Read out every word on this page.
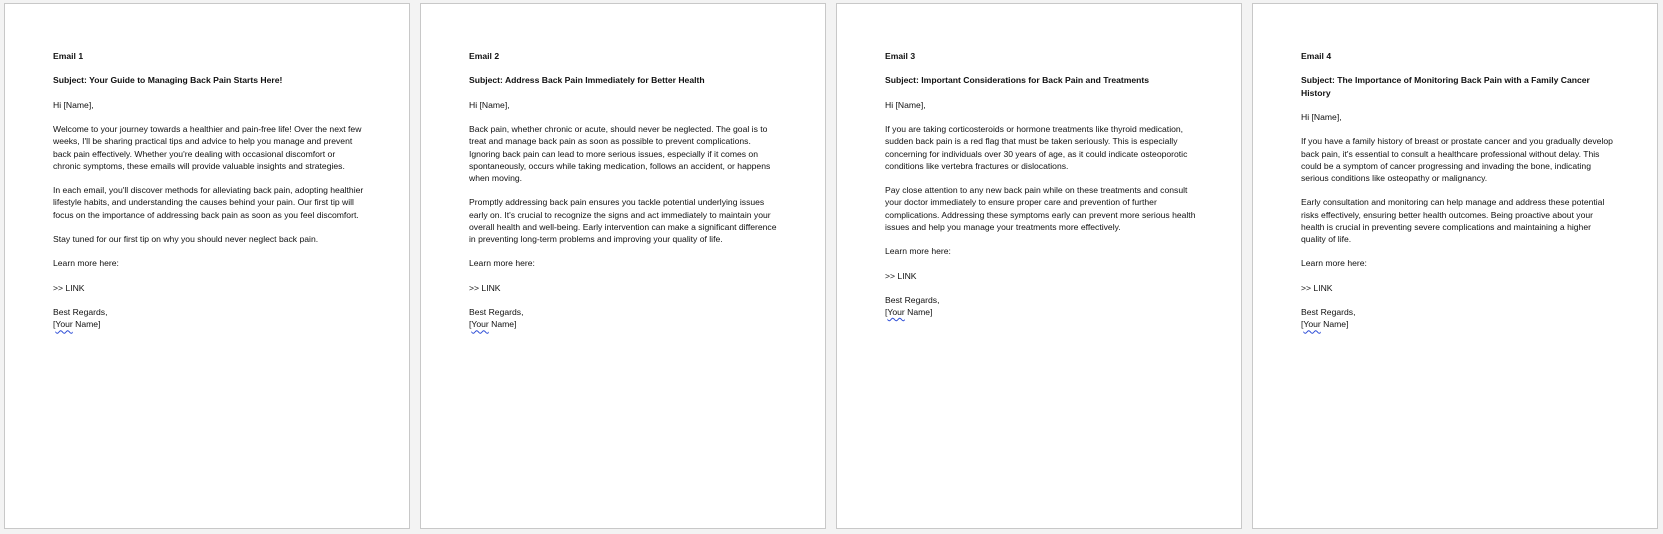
Email 1

Subject: Your Guide to Managing Back Pain Starts Here!

Hi [Name],

Welcome to your journey towards a healthier and pain-free life! Over the next few weeks, I'll be sharing practical tips and advice to help you manage and prevent back pain effectively. Whether you're dealing with occasional discomfort or chronic symptoms, these emails will provide valuable insights and strategies.

In each email, you'll discover methods for alleviating back pain, adopting healthier lifestyle habits, and understanding the causes behind your pain. Our first tip will focus on the importance of addressing back pain as soon as you feel discomfort.

Stay tuned for our first tip on why you should never neglect back pain.

Learn more here:

>> LINK

Best Regards,
[Your Name]

Email 2

Subject: Address Back Pain Immediately for Better Health

Hi [Name],

Back pain, whether chronic or acute, should never be neglected. The goal is to treat and manage back pain as soon as possible to prevent complications. Ignoring back pain can lead to more serious issues, especially if it comes on spontaneously, occurs while taking medication, follows an accident, or happens when moving.

Promptly addressing back pain ensures you tackle potential underlying issues early on. It's crucial to recognize the signs and act immediately to maintain your overall health and well-being. Early intervention can make a significant difference in preventing long-term problems and improving your quality of life.

Learn more here:

>> LINK

Best Regards,
[Your Name]

Email 3

Subject: Important Considerations for Back Pain and Treatments

Hi [Name],

If you are taking corticosteroids or hormone treatments like thyroid medication, sudden back pain is a red flag that must be taken seriously. This is especially concerning for individuals over 30 years of age, as it could indicate osteoporotic conditions like vertebra fractures or dislocations.

Pay close attention to any new back pain while on these treatments and consult your doctor immediately to ensure proper care and prevention of further complications. Addressing these symptoms early can prevent more serious health issues and help you manage your treatments more effectively.

Learn more here:

>> LINK

Best Regards,
[Your Name]

Email 4

Subject: The Importance of Monitoring Back Pain with a Family Cancer History

Hi [Name],

If you have a family history of breast or prostate cancer and you gradually develop back pain, it's essential to consult a healthcare professional without delay. This could be a symptom of cancer progressing and invading the bone, indicating serious conditions like osteopathy or malignancy.

Early consultation and monitoring can help manage and address these potential risks effectively, ensuring better health outcomes. Being proactive about your health is crucial in preventing severe complications and maintaining a higher quality of life.

Learn more here:

>> LINK

Best Regards,
[Your Name]
